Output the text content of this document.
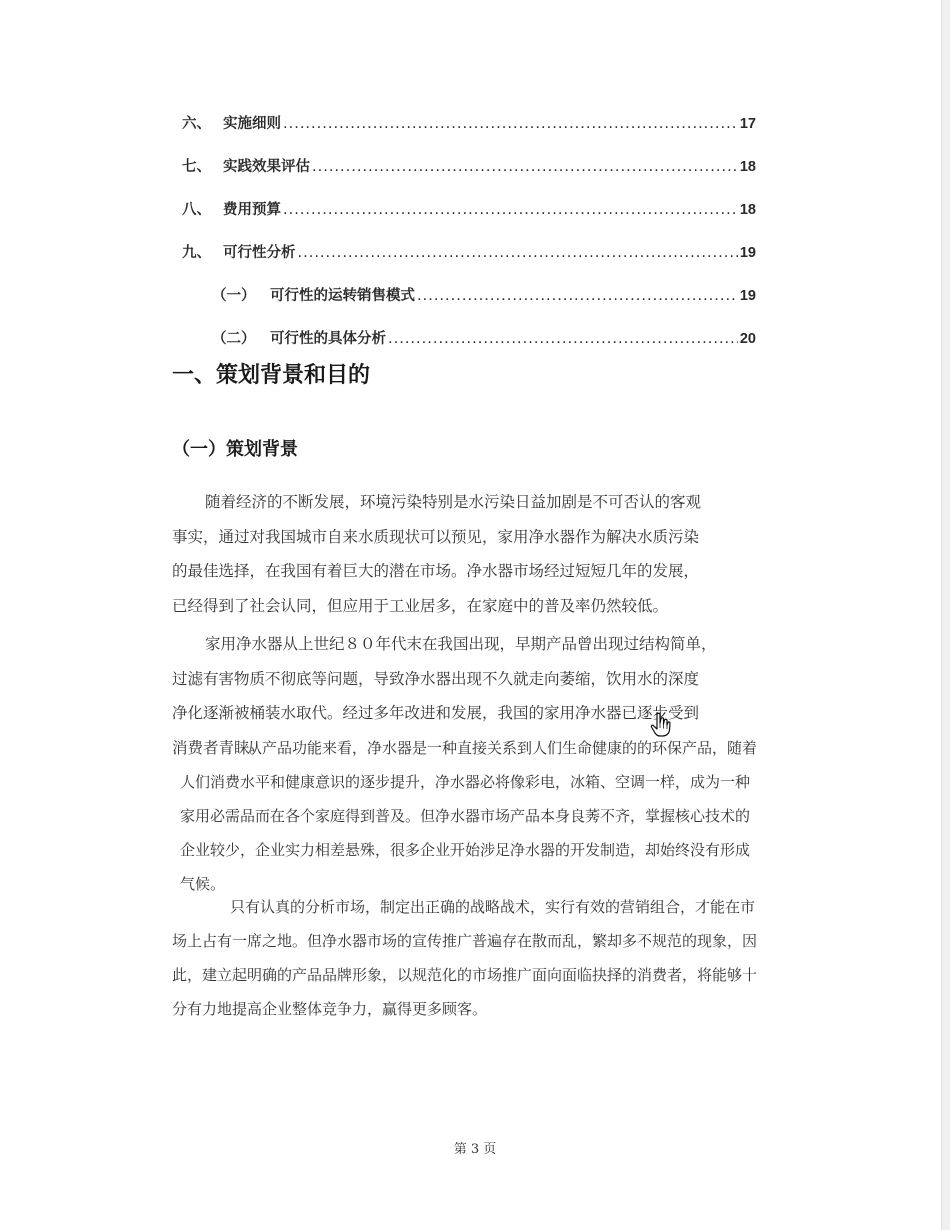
六、 实施细则 .....	17
七、 实践效果评估 .....	18
八、 费用预算 .....	18
九、 可行性分析 .....	19
（一）	可行性的运转销售模式 .....	19
（二）	可行性的具体分析 .....	20
一、策划背景和目的
（一）策划背景
随着经济的不断发展，环境污染特别是水污染日益加剧是不可否认的客观
事实，通过对我国城市自来水质现状可以预见，家用净水器作为解决水质污染
的最佳选择，在我国有着巨大的潜在市场。净水器市场经过短短几年的发展，
已经得到了社会认同，但应用于工业居多，在家庭中的普及率仍然较低。
家用净水器从上世纪８０年代末在我国出现，早期产品曾出现过结构简单，
过滤有害物质不彻底等问题，导致净水器出现不久就走向萎缩，饮用水的深度
净化逐渐被桶装水取代。经过多年改进和发展，我国的家用净水器已逐步受到
消费者青睐。
从产品功能来看，净水器是一种直接关系到人们生命健康的的环保产品，随着
人们消费水平和健康意识的逐步提升，净水器必将像彩电，冰箱、空调一样，成为一种
家用必需品而在各个家庭得到普及。但净水器市场产品本身良莠不齐，掌握核心技术的
企业较少，企业实力相差悬殊，很多企业开始涉足净水器的开发制造，却始终没有形成
气候。
只有认真的分析市场，制定出正确的战略战术，实行有效的营销组合，才能在市
场上占有一席之地。但净水器市场的宣传推广普遍存在散而乱，繁却多不规范的现象，因
此，建立起明确的产品品牌形象，以规范化的市场推广面向面临抉择的消费者，将能够十
分有力地提高企业整体竞争力，赢得更多顾客。
第 3 页
